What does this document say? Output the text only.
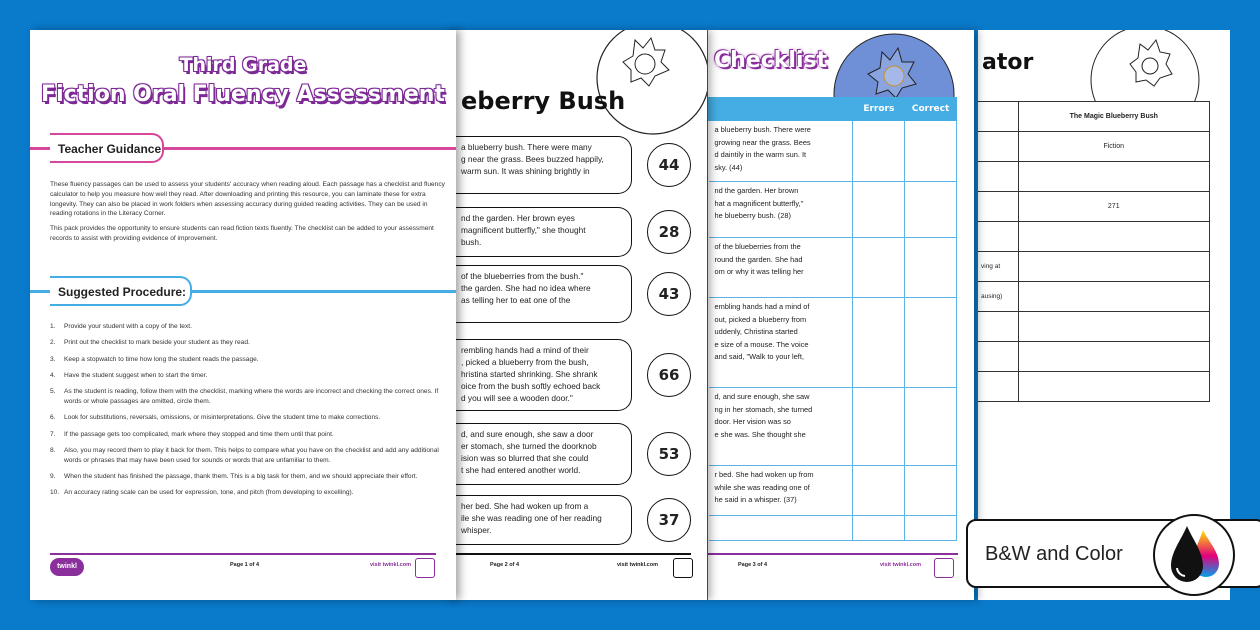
Third Grade
Fiction Oral Fluency Assessment
Teacher Guidance

These fluency passages can be used to assess your students' accuracy when reading aloud. Each passage has a checklist and fluency calculator to help you measure how well they read. After downloading and printing this resource, you can laminate these for extra longevity. They can also be placed in work folders when assessing accuracy during guided reading activities. They can be used in reading rotations in the Literacy Corner.

This pack provides the opportunity to ensure students can read fiction texts fluently. The checklist can be added to your assessment records to assist with providing evidence of improvement.

Suggested Procedure:
1. Provide your student with a copy of the text.
2. Print out the checklist to mark beside your student as they read.
3. Keep a stopwatch to time how long the student reads the passage.
4. Have the student suggest when to start the timer.
5. As the student is reading, follow them with the checklist, marking where the words are incorrect and checking the correct ones. If words or whole passages are omitted, circle them.
6. Look for substitutions, reversals, omissions, or misinterpretations. Give the student time to make corrections.
7. If the passage gets too complicated, mark where they stopped and time them until that point.
8. Also, you may record them to play it back for them. This helps to compare what you have on the checklist and add any additional words or phrases that may have been used for sounds or words that are unfamiliar to them.
9. When the student has finished the passage, thank them. This is a big task for them, and we should appreciate their effort.
10. An accuracy rating scale can be used for expression, tone, and pitch (from developing to excelling).
twinkl	Page 1 of 4	visit twinkl.com
eberry Bush
a blueberry bush. There were many
g near the grass. Bees buzzed happily,
warm sun. It was shining brightly in	44
nd the garden. Her brown eyes
magnificent butterfly," she thought
bush.
28
of the blueberries from the bush."
the garden. She had no idea where
as telling her to eat one of the	43
rembling hands had a mind of their
, picked a blueberry from the bush,
hristina started shrinking. She shrank
oice from the bush softly echoed back
d you will see a wooden door."
66
d, and sure enough, she saw a door
er stomach, she turned the doorknob
ision was so blurred that she could
t she had entered another world.
53
her bed. She had woken up from a
ile she was reading one of her reading
whisper.
37
Page 2 of 4	visit twinkl.com
Checklist
	Errors	Correct

a blueberry bush. There were
growing near the grass. Bees
d daintily in the warm sun. It
sky. (44)		

nd the garden. Her brown
hat a magnificent butterfly,"
he blueberry bush. (28)		

of the blueberries from the
round the garden. She had
om or why it was telling her		

embling hands had a mind of
out, picked a blueberry from
uddenly, Christina started
e size of a mouse. The voice
and said, "Walk to your left,		

d, and sure enough, she saw
ng in her stomach, she turned
door. Her vision was so
e she was. She thought she		

r bed. She had woken up from
while she was reading one of
he said in a whisper. (37)		

Page 3 of 4	visit twinkl.com
ator
	The Magic Blueberry Bush
	Fiction

	271

ving at	
ausing)	

B&W and Color
